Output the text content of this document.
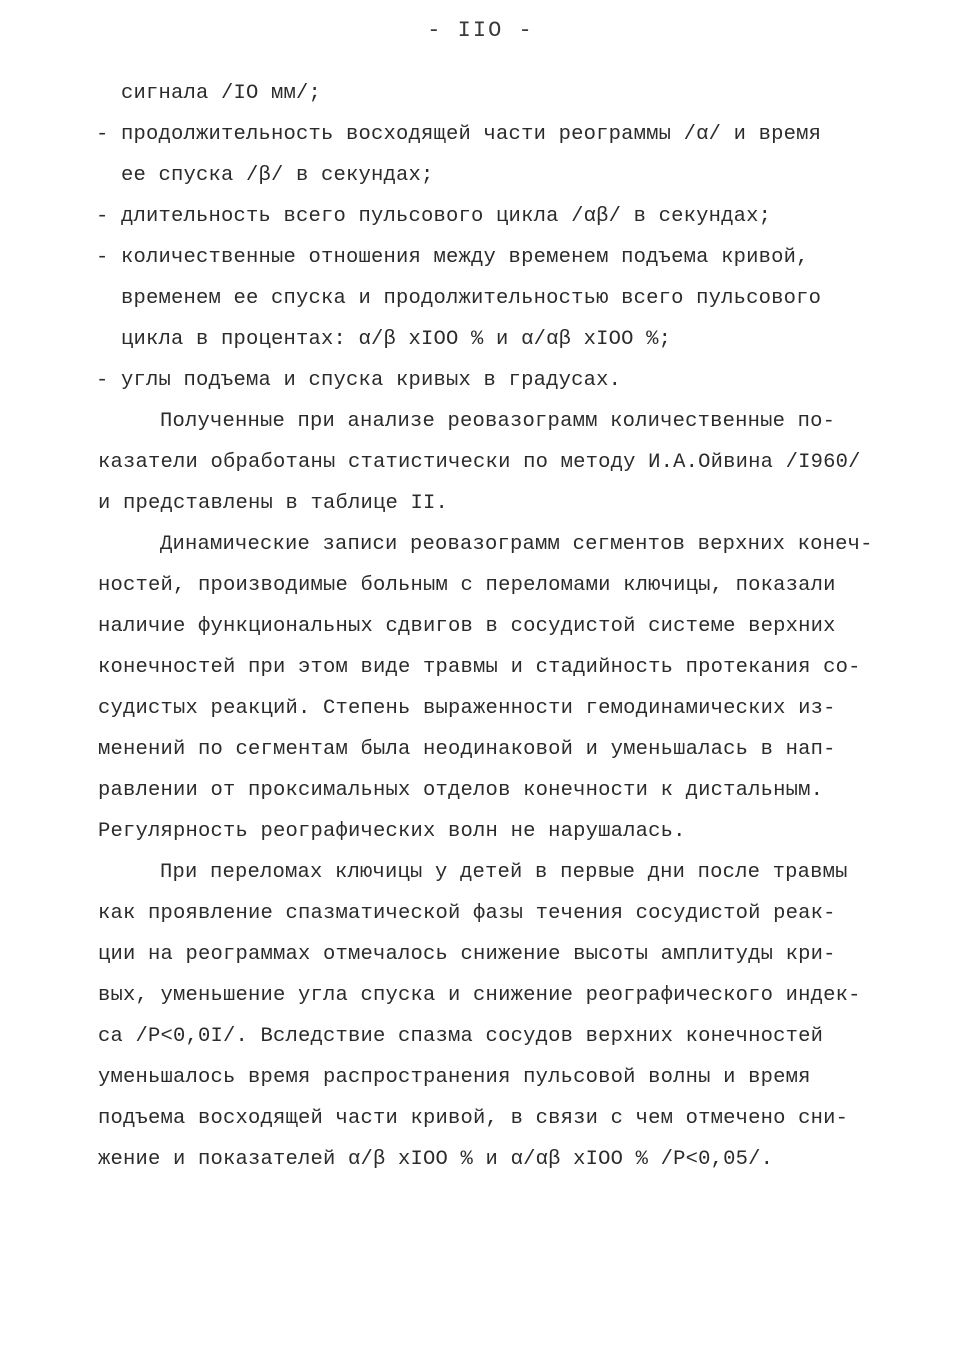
- IIO -
сигнала /IO мм/;
- продолжительность восходящей части реограммы /α/ и время
ее спуска /β/ в секундах;
- длительность всего пульсового цикла /αβ/ в секундах;
- количественные отношения между временем подъема кривой,
временем ее спуска и продолжительностью всего пульсового
цикла в процентах: α/β xIOO % и α/αβ xIOO %;
- углы подъема и спуска кривых в градусах.
Полученные при анализе реовазограмм количественные по-
казатели обработаны статистически по методу И.А.Ойвина /I960/
и представлены в таблице II.
Динамические записи реовазограмм сегментов верхних конеч-
ностей, производимые больным с переломами ключицы, показали
наличие функциональных сдвигов в сосудистой системе верхних
конечностей при этом виде травмы и стадийность протекания со-
судистых реакций. Степень выраженности гемодинамических из-
менений по сегментам была неодинаковой и уменьшалась в нап-
равлении от проксимальных отделов конечности к дистальным.
Регулярность реографических волн не нарушалась.
При переломах ключицы у детей в первые дни после травмы
как проявление спазматической фазы течения сосудистой реак-
ции на реограммах отмечалось снижение высоты амплитуды кри-
вых, уменьшение угла спуска и снижение реографического индек-
са /P<0,0I/. Вследствие спазма сосудов верхних конечностей
уменьшалось время распространения пульсовой волны и время
подъема восходящей части кривой, в связи с чем отмечено сни-
жение и показателей α/β xIOO % и α/αβ xIOO % /P<0,05/.
